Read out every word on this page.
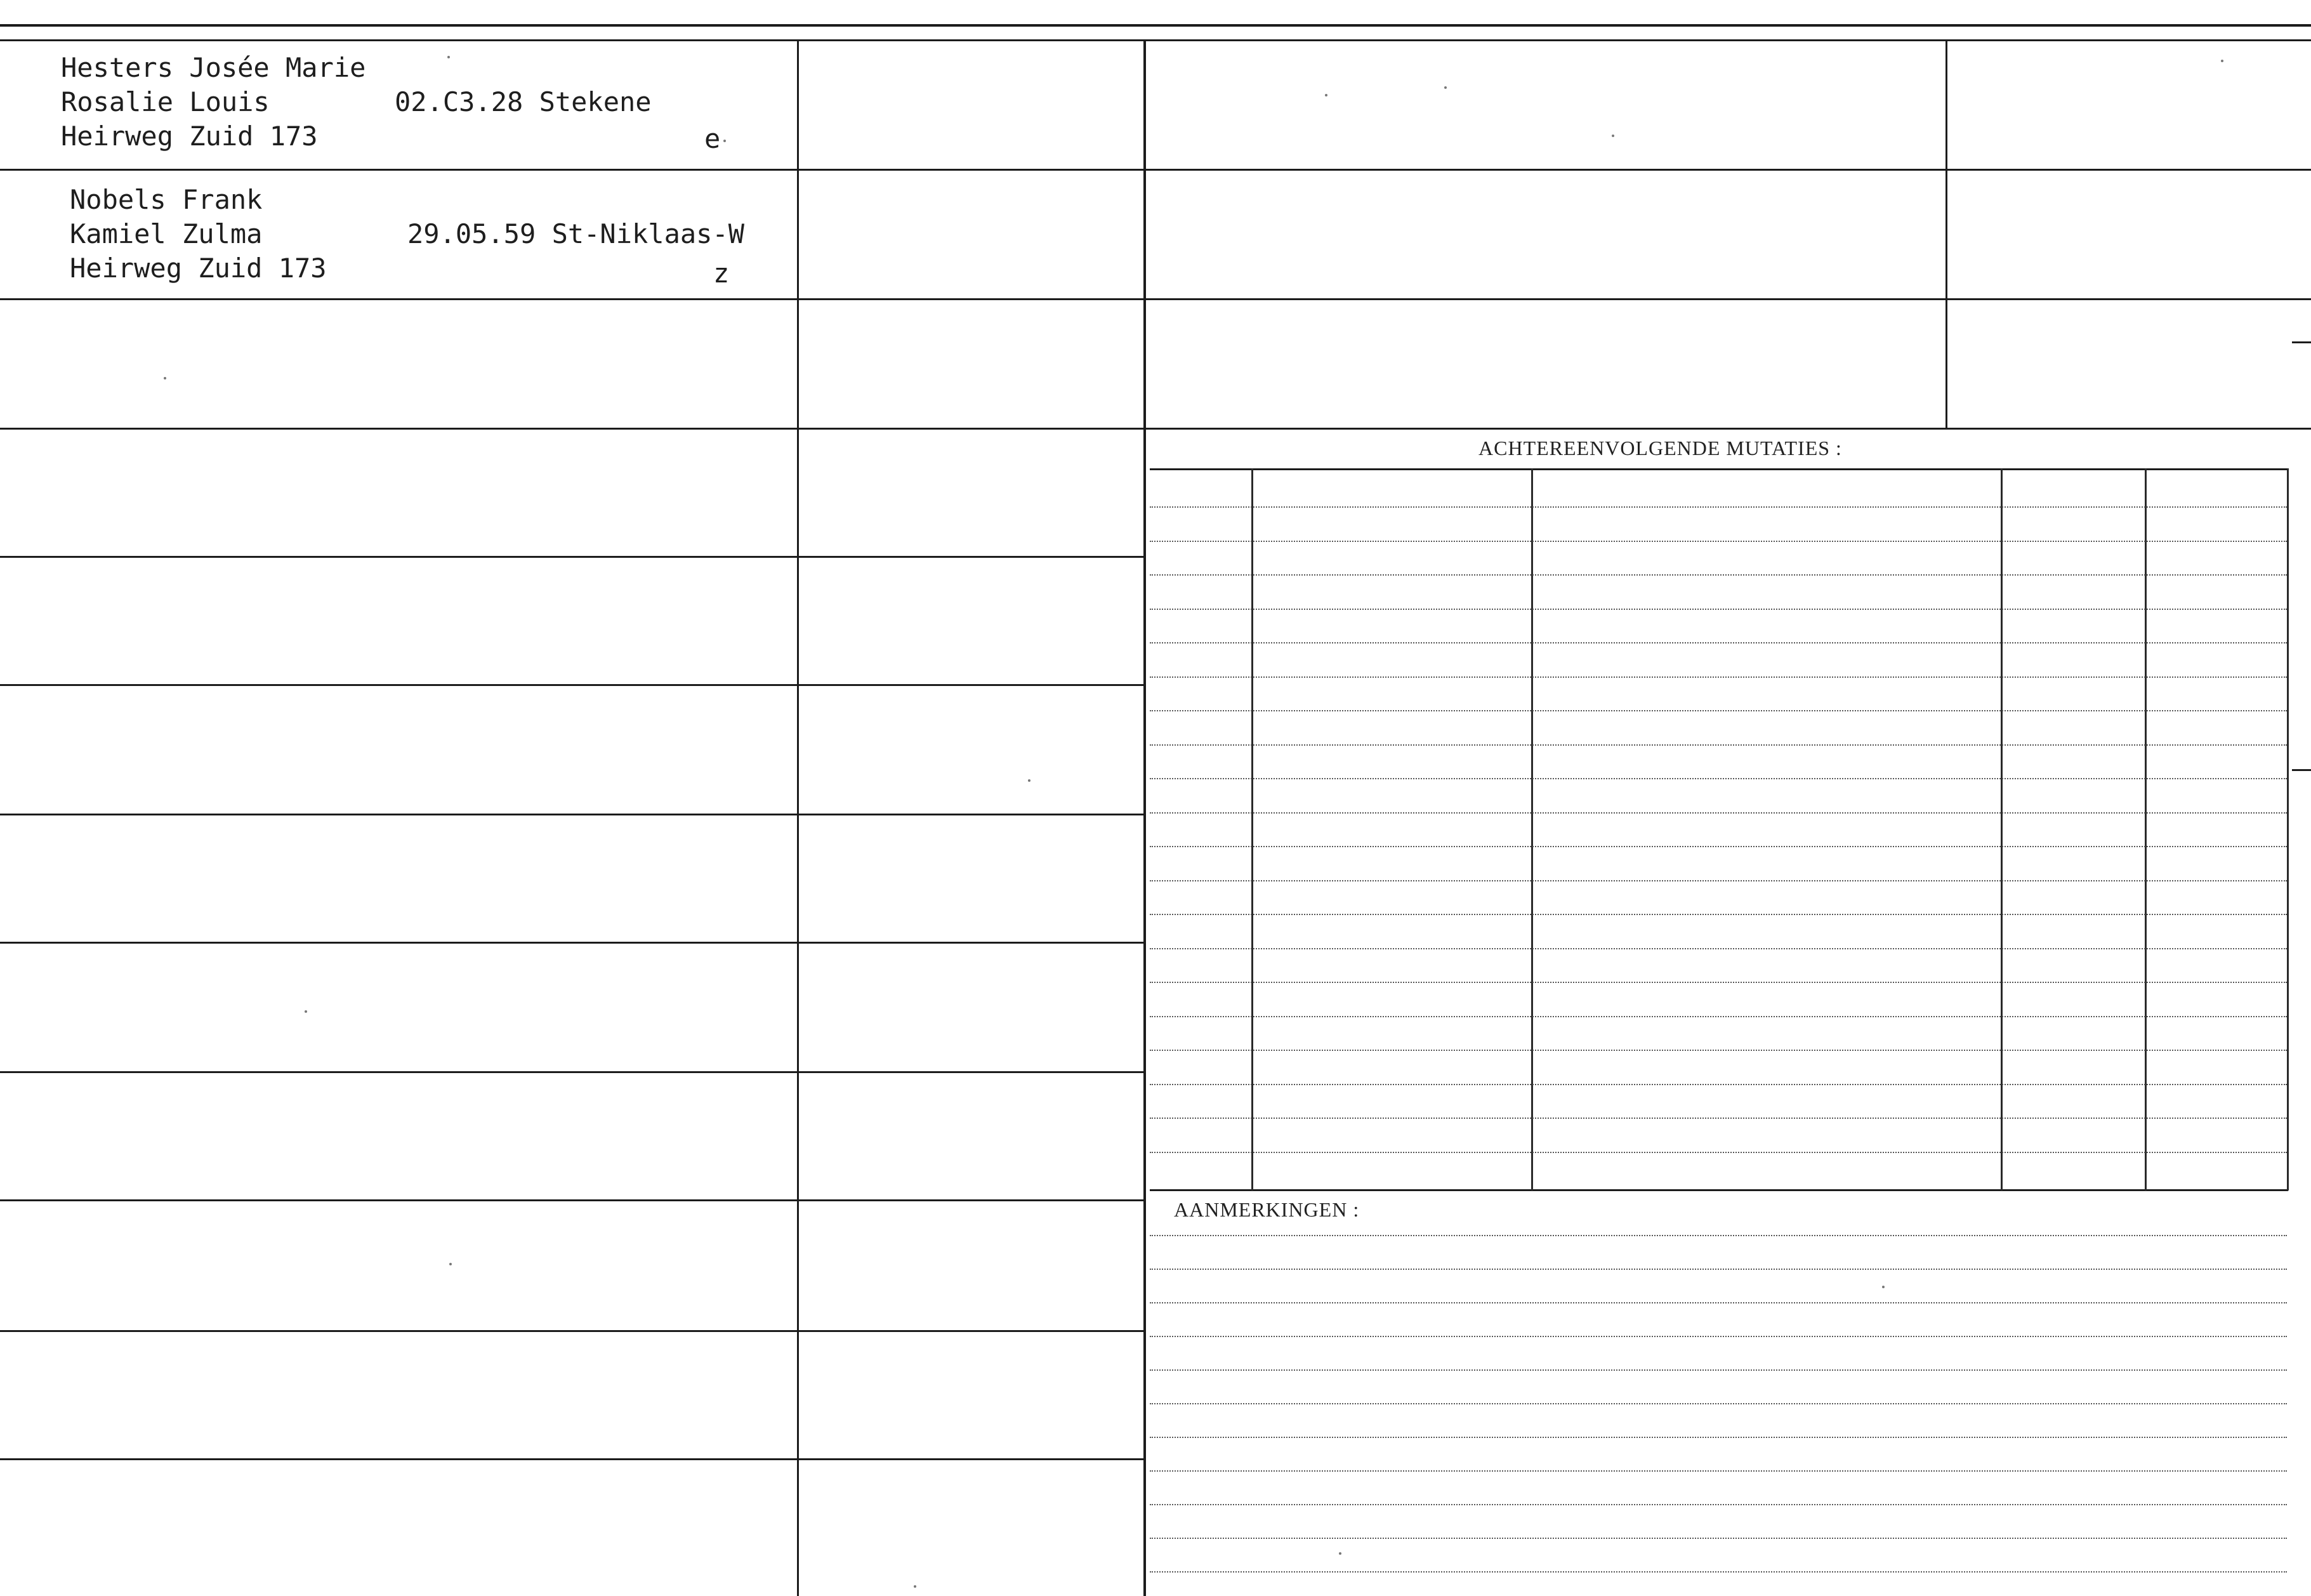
ACHTEREENVOLGENDE MUTATIES :
AANMERKINGEN :

Hesters Josée Marie

Rosalie Louis

Heirweg Zuid 173

02.C3.28 Stekene

e

Nobels Frank

Kamiel Zulma

Heirweg Zuid 173

29.05.59 St-Niklaas-W

z
